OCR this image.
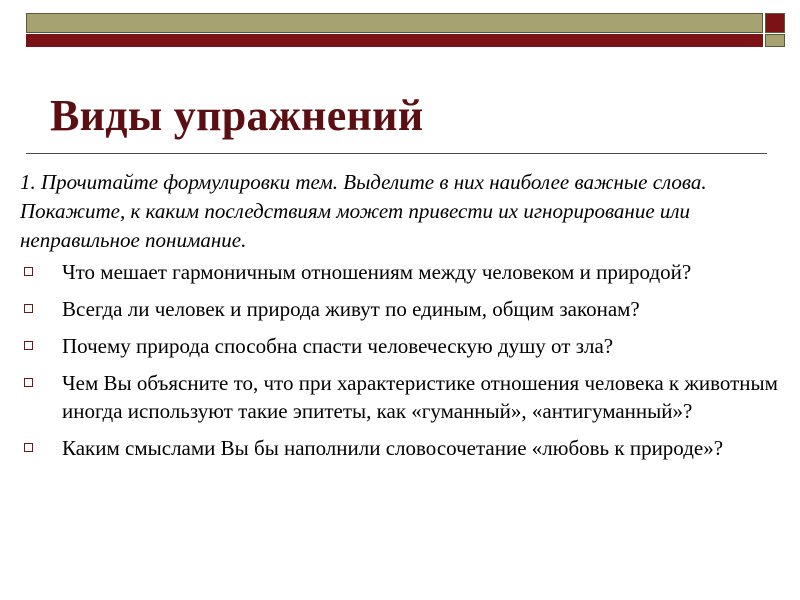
Виды упражнений

1. Прочитайте формулировки тем. Выделите в них наиболее важные слова. Покажите, к каким последствиям может привести их игнорирование или неправильное понимание.

Что мешает гармоничным отношениям между человеком и природой?
Всегда ли человек и природа живут по единым, общим законам?
Почему природа способна спасти человеческую душу от зла?
Чем Вы объясните то, что при характеристике отношения человека к животным иногда используют такие эпитеты, как «гуманный», «антигуманный»?
Каким смыслами Вы бы наполнили словосочетание «любовь к природе»?
